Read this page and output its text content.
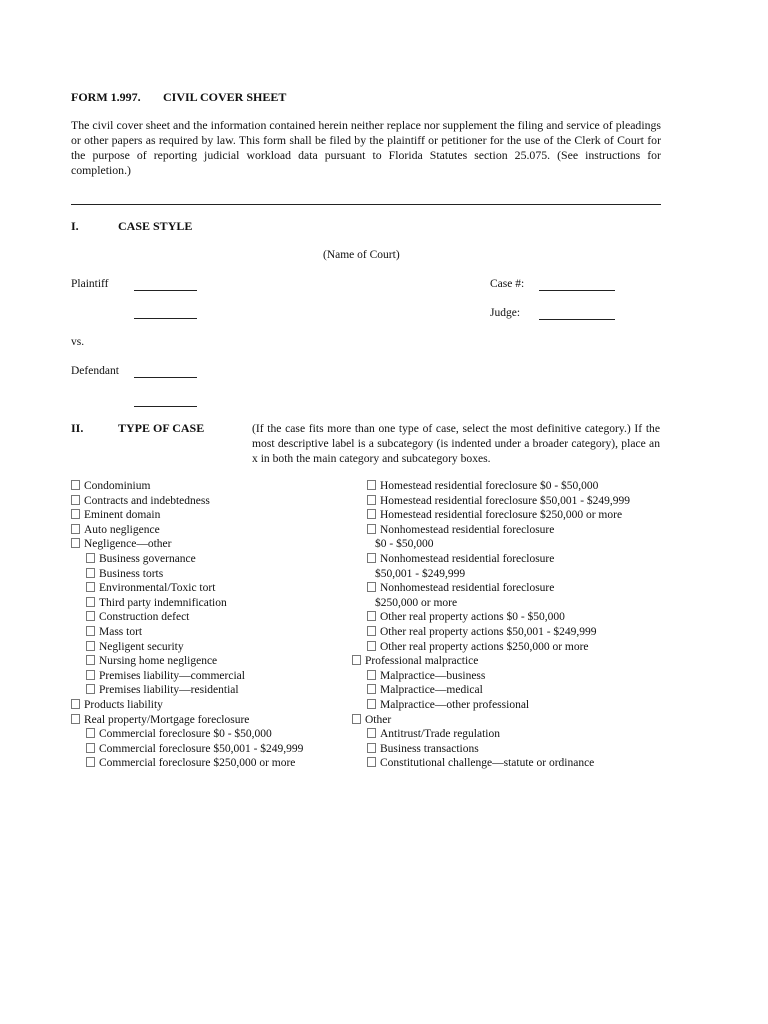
FORM 1.997. CIVIL COVER SHEET
The civil cover sheet and the information contained herein neither replace nor supplement the filing and service of pleadings or other papers as required by law. This form shall be filed by the plaintiff or petitioner for the use of the Clerk of Court for the purpose of reporting judicial workload data pursuant to Florida Statutes section 25.075. (See instructions for completion.)
I.	CASE STYLE
(Name of Court)
Plaintiff	Case #:
Judge:
vs.
Defendant
II.	TYPE OF CASE	(If the case fits more than one type of case, select the most definitive category.) If the most descriptive label is a subcategory (is indented under a broader category), place an x in both the main category and subcategory boxes.
Condominium
Contracts and indebtedness
Eminent domain
Auto negligence
Negligence—other
Business governance
Business torts
Environmental/Toxic tort
Third party indemnification
Construction defect
Mass tort
Negligent security
Nursing home negligence
Premises liability—commercial
Premises liability—residential
Products liability
Real property/Mortgage foreclosure
Commercial foreclosure $0 - $50,000
Commercial foreclosure $50,001 - $249,999
Commercial foreclosure $250,000 or more
Homestead residential foreclosure $0 - $50,000
Homestead residential foreclosure $50,001 - $249,999
Homestead residential foreclosure $250,000 or more
Nonhomestead residential foreclosure
$0 - $50,000
Nonhomestead residential foreclosure
$50,001 - $249,999
Nonhomestead residential foreclosure
$250,000 or more
Other real property actions $0 - $50,000
Other real property actions $50,001 - $249,999
Other real property actions $250,000 or more
Professional malpractice
Malpractice—business
Malpractice—medical
Malpractice—other professional
Other
Antitrust/Trade regulation
Business transactions
Constitutional challenge—statute or ordinance
